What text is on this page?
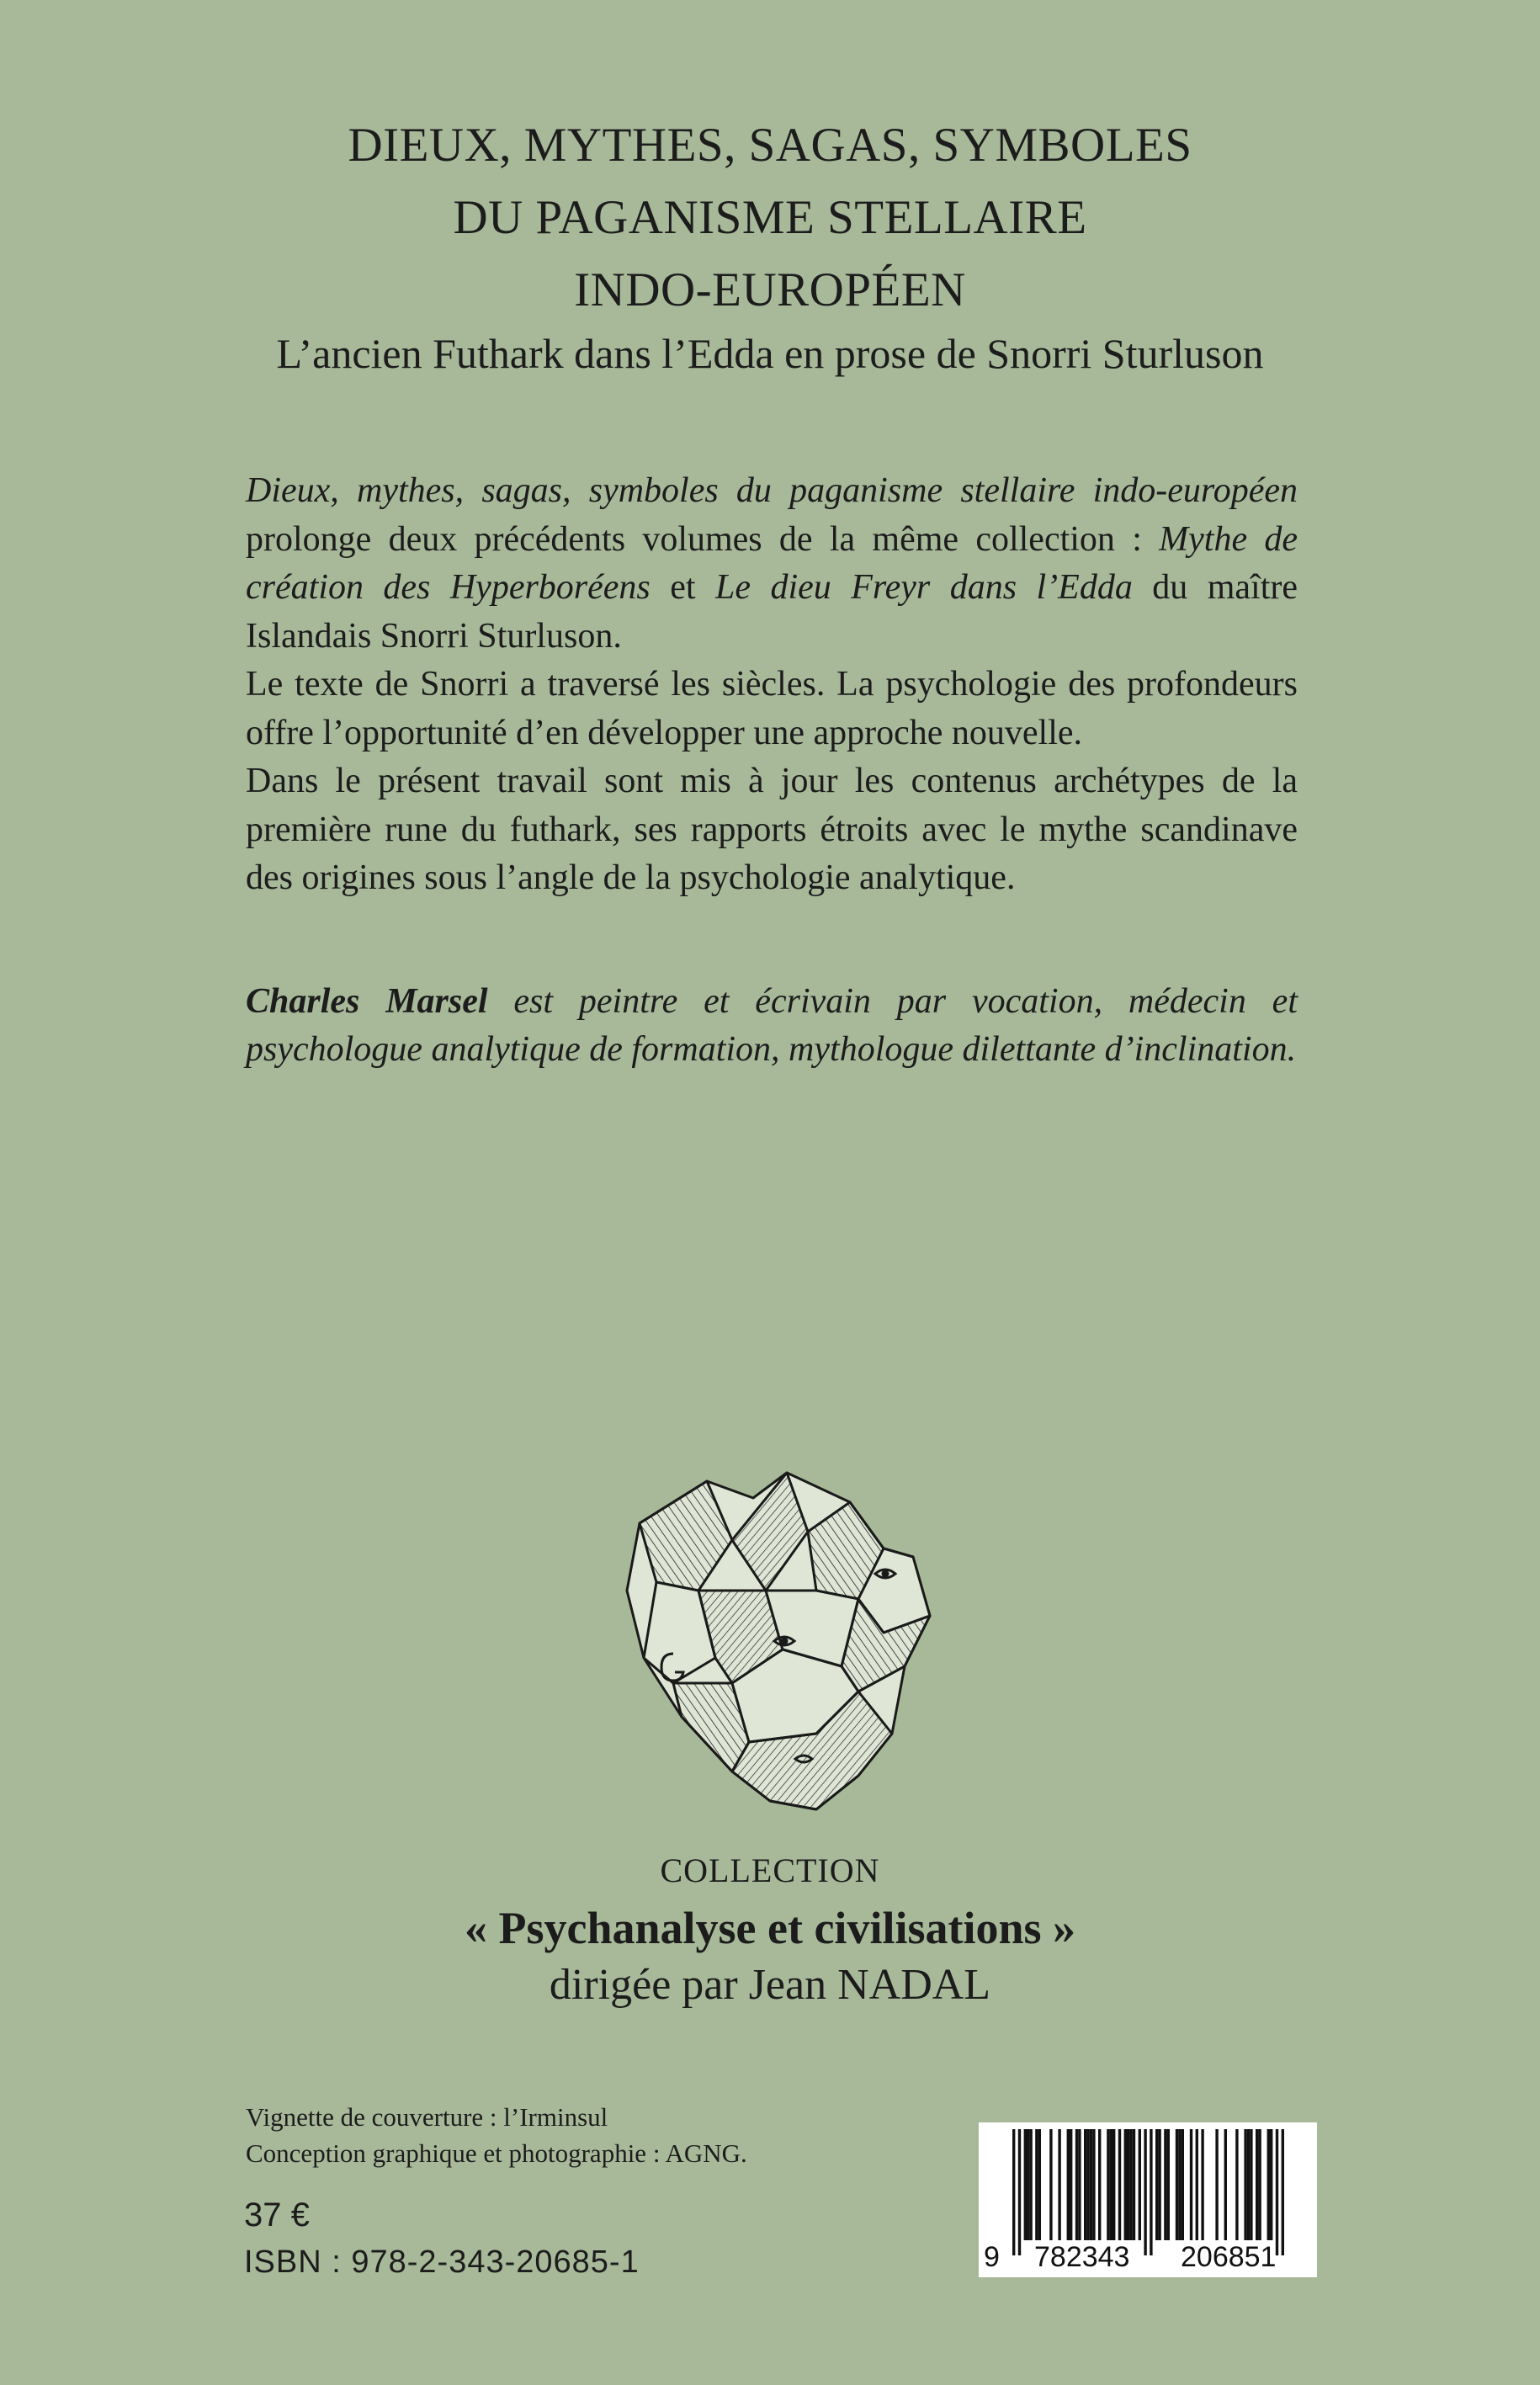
DIEUX, MYTHES, SAGAS, SYMBOLES
DU PAGANISME STELLAIRE
INDO-EUROPÉEN
L’ancien Futhark dans l’Edda en prose de Snorri Sturluson

Dieux, mythes, sagas, symboles du paganisme stellaire indo-européen prolonge deux précédents volumes de la même collection : Mythe de création des Hyperboréens et Le dieu Freyr dans l’Edda du maître Islandais Snorri Sturluson.

Le texte de Snorri a traversé les siècles. La psychologie des profondeurs offre l’opportunité d’en développer une approche nouvelle.

Dans le présent travail sont mis à jour les contenus archétypes de la première rune du futhark, ses rapports étroits avec le mythe scandinave des origines sous l’angle de la psychologie analytique.

Charles Marsel est peintre et écrivain par vocation, médecin et psychologue analytique de formation, mythologue dilettante d’inclination.

COLLECTION
« Psychanalyse et civilisations »
dirigée par Jean NADAL
Vignette de couverture : l’Irminsul
Conception graphique et photographie : AGNG.
37 €
ISBN : 978-2-343-20685-1	9 782343 206851
